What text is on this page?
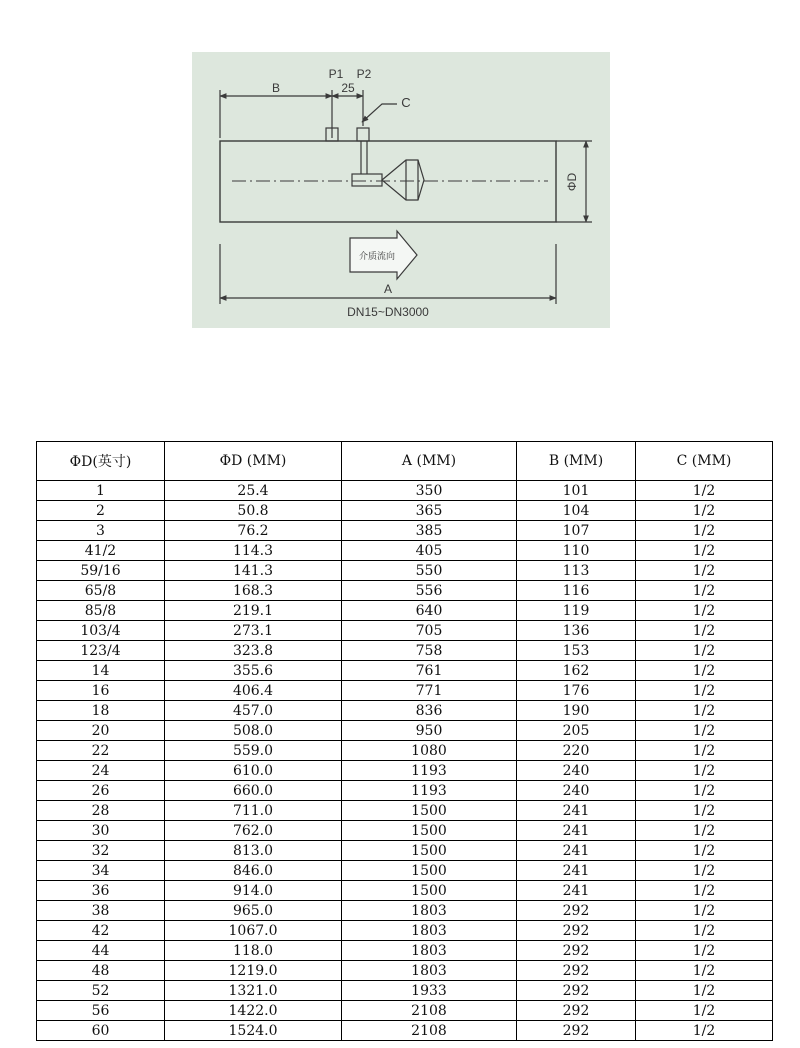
B
P1 P2
25
C
ΦD
介质流向
A
DN15~DN3000
ΦD(英寸)	ΦD (MM)	A (MM)	B (MM)	C (MM)
1	25.4	350	101	1/2
2	50.8	365	104	1/2
3	76.2	385	107	1/2
41/2	114.3	405	110	1/2
59/16	141.3	550	113	1/2
65/8	168.3	556	116	1/2
85/8	219.1	640	119	1/2
103/4	273.1	705	136	1/2
123/4	323.8	758	153	1/2
14	355.6	761	162	1/2
16	406.4	771	176	1/2
18	457.0	836	190	1/2
20	508.0	950	205	1/2
22	559.0	1080	220	1/2
24	610.0	1193	240	1/2
26	660.0	1193	240	1/2
28	711.0	1500	241	1/2
30	762.0	1500	241	1/2
32	813.0	1500	241	1/2
34	846.0	1500	241	1/2
36	914.0	1500	241	1/2
38	965.0	1803	292	1/2
42	1067.0	1803	292	1/2
44	118.0	1803	292	1/2
48	1219.0	1803	292	1/2
52	1321.0	1933	292	1/2
56	1422.0	2108	292	1/2
60	1524.0	2108	292	1/2
